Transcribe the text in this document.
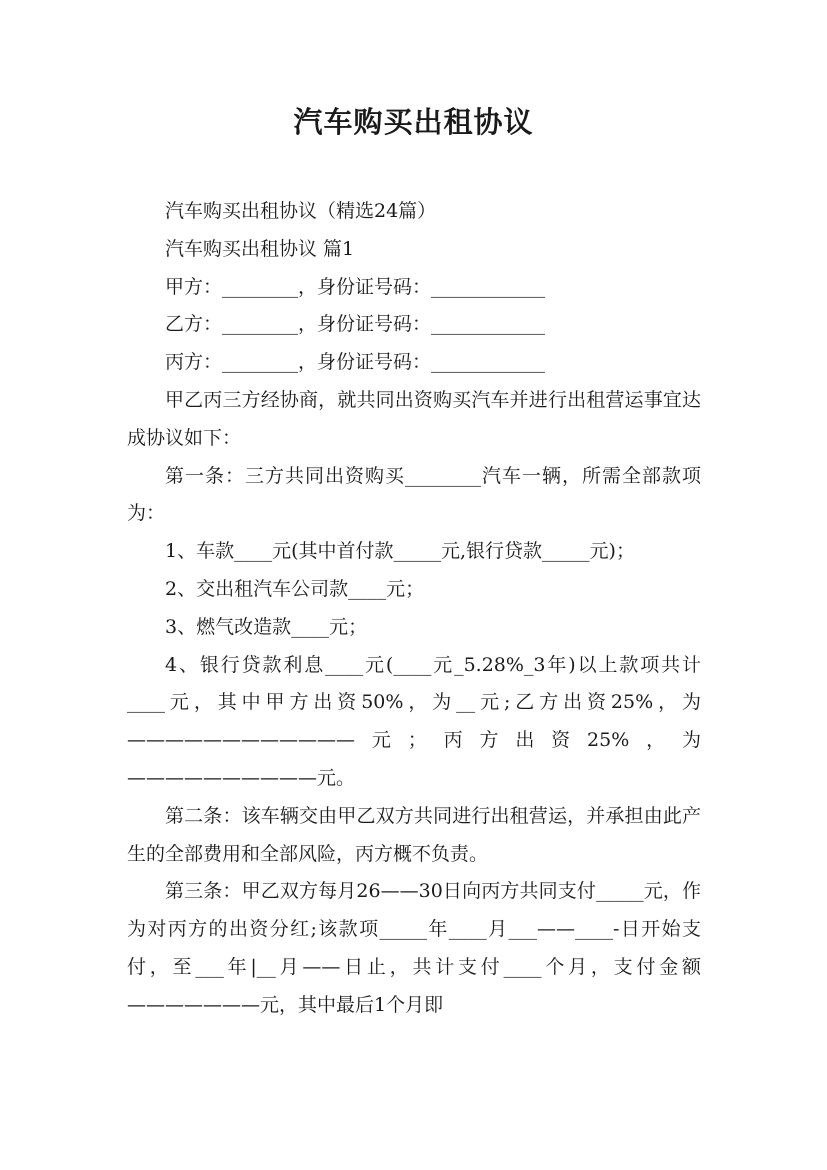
汽车购买出租协议

汽车购买出租协议（精选24篇）

汽车购买出租协议 篇1

甲方：________，身份证号码：____________

乙方：________，身份证号码：____________

丙方：________，身份证号码：____________

甲乙丙三方经协商，就共同出资购买汽车并进行出租营运事宜达成协议如下：

第一条：三方共同出资购买________汽车一辆，所需全部款项为：

1、车款____元(其中首付款_____元,银行贷款_____元)；

2、交出租汽车公司款____元；

3、燃气改造款____元；

4、银行贷款利息____元(____元_5.28%_3年)以上款项共计____元，其中甲方出资50%，为__元;乙方出资25%，为————————————元；丙方出资25%，为——————————元。

第二条：该车辆交由甲乙双方共同进行出租营运，并承担由此产生的全部费用和全部风险，丙方概不负责。

第三条：甲乙双方每月26——30日向丙方共同支付_____元，作为对丙方的出资分红;该款项_____年____月___——____-日开始支付，至___年|__月——日止，共计支付____个月，支付金额———————元，其中最后1个月即
